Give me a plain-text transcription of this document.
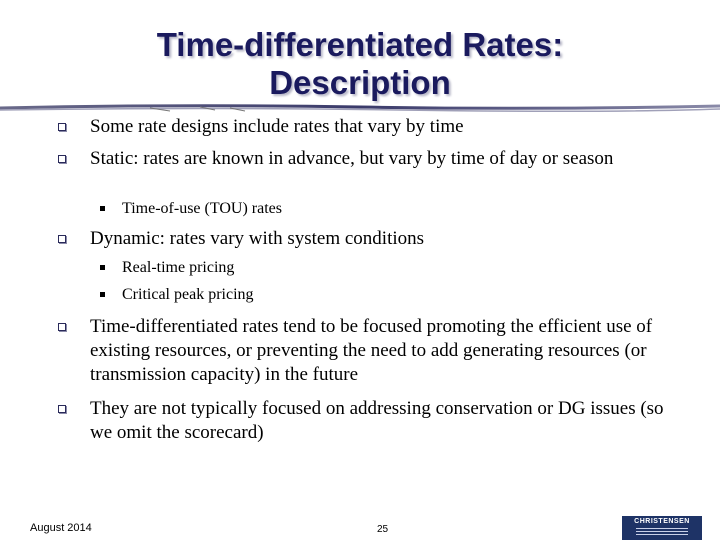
Time-differentiated Rates:
Description
Some rate designs include rates that vary by time
Static: rates are known in advance, but vary by time of day or season
Time-of-use (TOU) rates
Dynamic: rates vary with system conditions
Real-time pricing
Critical peak pricing
Time-differentiated rates tend to be focused promoting the efficient use of existing resources, or preventing the need to add generating resources (or transmission capacity) in the future
They are not typically focused on addressing conservation or DG issues (so we omit the scorecard)
August 2014	25
CHRISTENSEN
